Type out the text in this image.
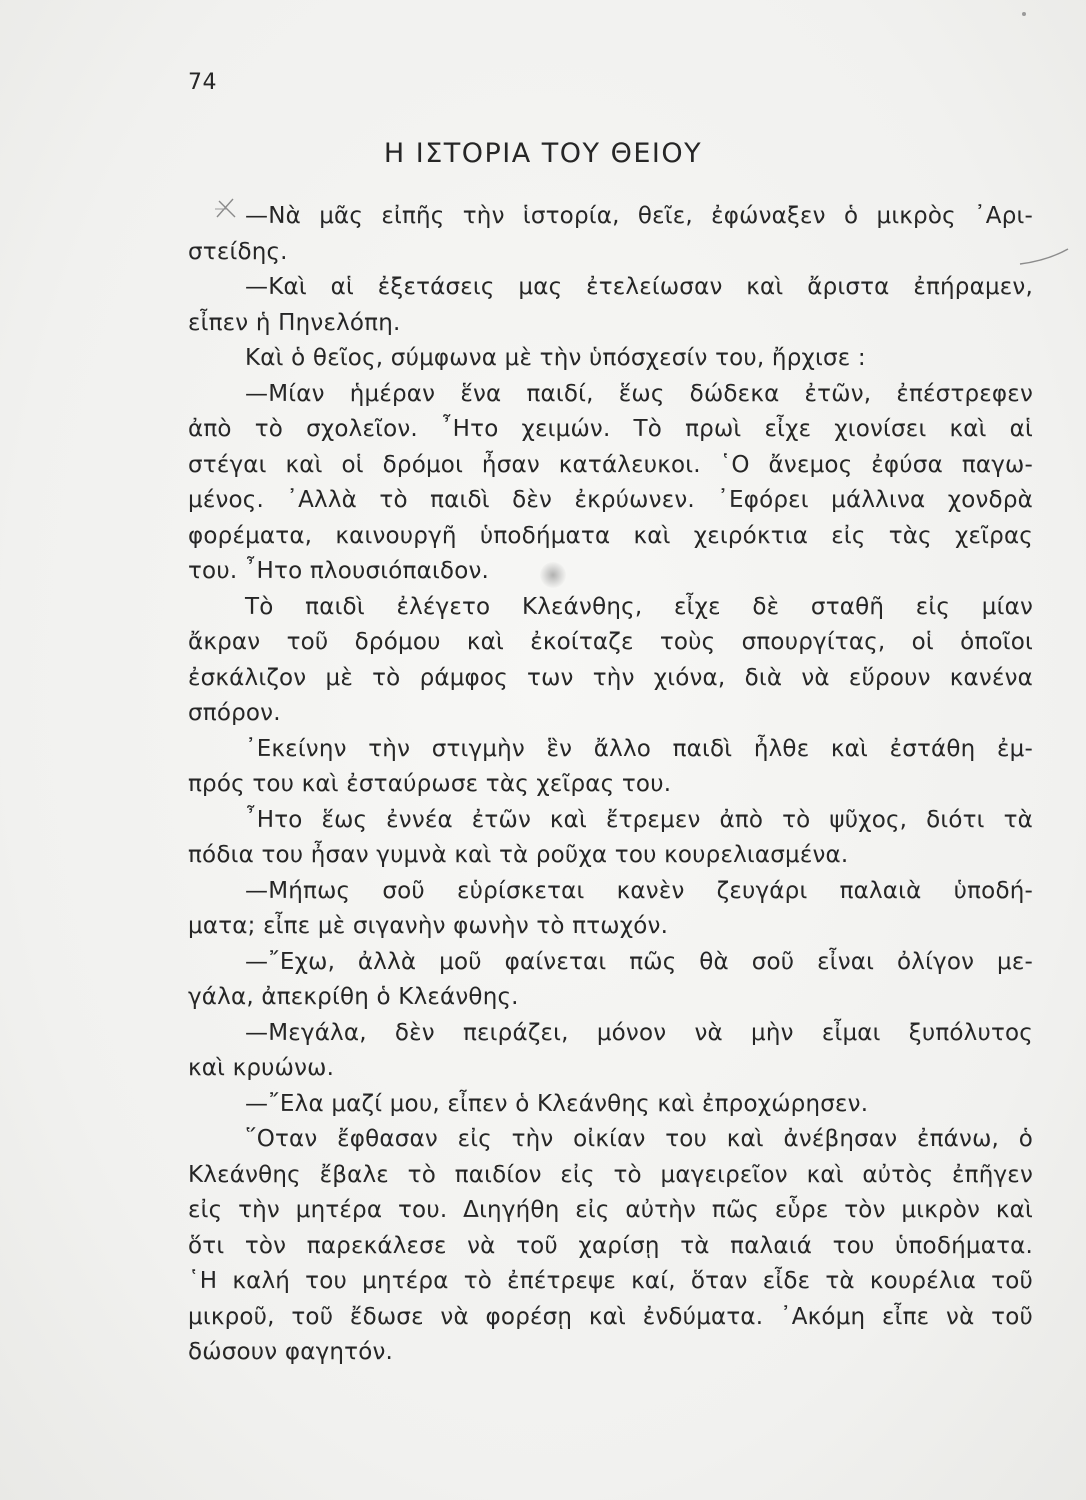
74
Η ΙΣΤΟΡΙΑ ΤΟΥ ΘΕΙΟΥ
—Νὰ μᾶς εἰπῆς τὴν ἱστορία, θεῖε, ἐφώναξεν ὁ μικρὸς ᾿Αρι-
στείδης.
—Καὶ αἱ ἐξετάσεις μας ἐτελείωσαν καὶ ἄριστα ἐπήραμεν,
εἶπεν ἡ Πηνελόπη.
Καὶ ὁ θεῖος, σύμφωνα μὲ τὴν ὑπόσχεσίν του, ἤρχισε :
—Μίαν ἡμέραν ἕνα παιδί, ἕως δώδεκα ἐτῶν, ἐπέστρεφεν
ἀπὸ τὸ σχολεῖον. ῏Ητο χειμών. Τὸ πρωὶ εἶχε χιονίσει καὶ αἱ
στέγαι καὶ οἱ δρόμοι ἦσαν κατάλευκοι. ῾Ο ἄνεμος ἐφύσα παγω-
μένος. ᾿Αλλὰ τὸ παιδὶ δὲν ἐκρύωνεν. ᾿Εφόρει μάλλινα χονδρὰ
φορέματα, καινουργῆ ὑποδήματα καὶ χειρόκτια εἰς τὰς χεῖρας
του. ῏Ητο πλουσιόπαιδον.
Τὸ παιδὶ ἐλέγετο Κλεάνθης, εἶχε δὲ σταθῆ εἰς μίαν
ἄκραν τοῦ δρόμου καὶ ἐκοίταζε τοὺς σπουργίτας, οἱ ὁποῖοι
ἐσκάλιζον μὲ τὸ ράμφος των τὴν χιόνα, διὰ νὰ εὕρουν κανένα
σπόρον.
᾿Εκείνην τὴν στιγμὴν ἓν ἄλλο παιδὶ ἦλθε καὶ ἐστάθη ἐμ-
πρός του καὶ ἐσταύρωσε τὰς χεῖρας του.
῏Ητο ἕως ἐννέα ἐτῶν καὶ ἔτρεμεν ἀπὸ τὸ ψῦχος, διότι τὰ
πόδια του ἦσαν γυμνὰ καὶ τὰ ροῦχα του κουρελιασμένα.
—Μήπως σοῦ εὑρίσκεται κανὲν ζευγάρι παλαιὰ ὑποδή-
ματα; εἶπε μὲ σιγανὴν φωνὴν τὸ πτωχόν.
—῎Εχω, ἀλλὰ μοῦ φαίνεται πῶς θὰ σοῦ εἶναι ὀλίγον με-
γάλα, ἀπεκρίθη ὁ Κλεάνθης.
—Μεγάλα, δὲν πειράζει, μόνον νὰ μὴν εἶμαι ξυπόλυτος
καὶ κρυώνω.
—῎Ελα μαζί μου, εἶπεν ὁ Κλεάνθης καὶ ἐπροχώρησεν.
῞Οταν ἔφθασαν εἰς τὴν οἰκίαν του καὶ ἀνέβησαν ἐπάνω, ὁ
Κλεάνθης ἔβαλε τὸ παιδίον εἰς τὸ μαγειρεῖον καὶ αὐτὸς ἐπῆγεν
εἰς τὴν μητέρα του. Διηγήθη εἰς αὐτὴν πῶς εὗρε τὸν μικρὸν καὶ
ὅτι τὸν παρεκάλεσε νὰ τοῦ χαρίσῃ τὰ παλαιά του ὑποδήματα.
῾Η καλή του μητέρα τὸ ἐπέτρεψε καί, ὅταν εἶδε τὰ κουρέλια τοῦ
μικροῦ, τοῦ ἔδωσε νὰ φορέσῃ καὶ ἐνδύματα. ᾿Ακόμη εἶπε νὰ τοῦ
δώσουν φαγητόν.
